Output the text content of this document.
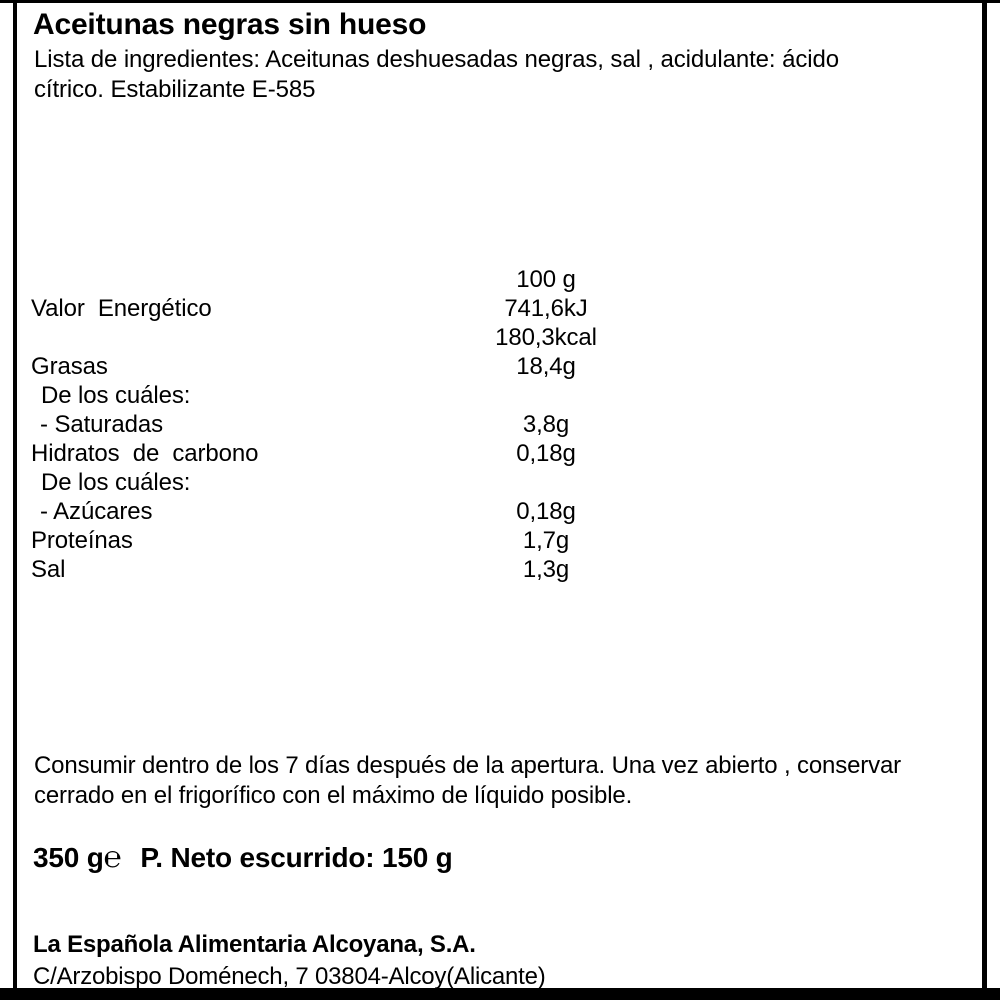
Aceitunas negras sin hueso
Lista de ingredientes: Aceitunas deshuesadas negras, sal , acidulante: ácido
cítrico. Estabilizante E-585
100 g
Valor  Energético	741,6kJ
180,3kcal
Grasas	18,4g
De los cuáles:
- Saturadas	3,8g
Hidratos  de  carbono	0,18g
De los cuáles:
- Azúcares	0,18g
Proteínas	1,7g
Sal	1,3g
Consumir dentro de los 7 días después de la apertura. Una vez abierto , conservar
cerrado en el frigorífico con el máximo de líquido posible.
350 g℮ P. Neto escurrido: 150 g
La Española Alimentaria Alcoyana, S.A.
C/Arzobispo Doménech, 7 03804-Alcoy(Alicante)
